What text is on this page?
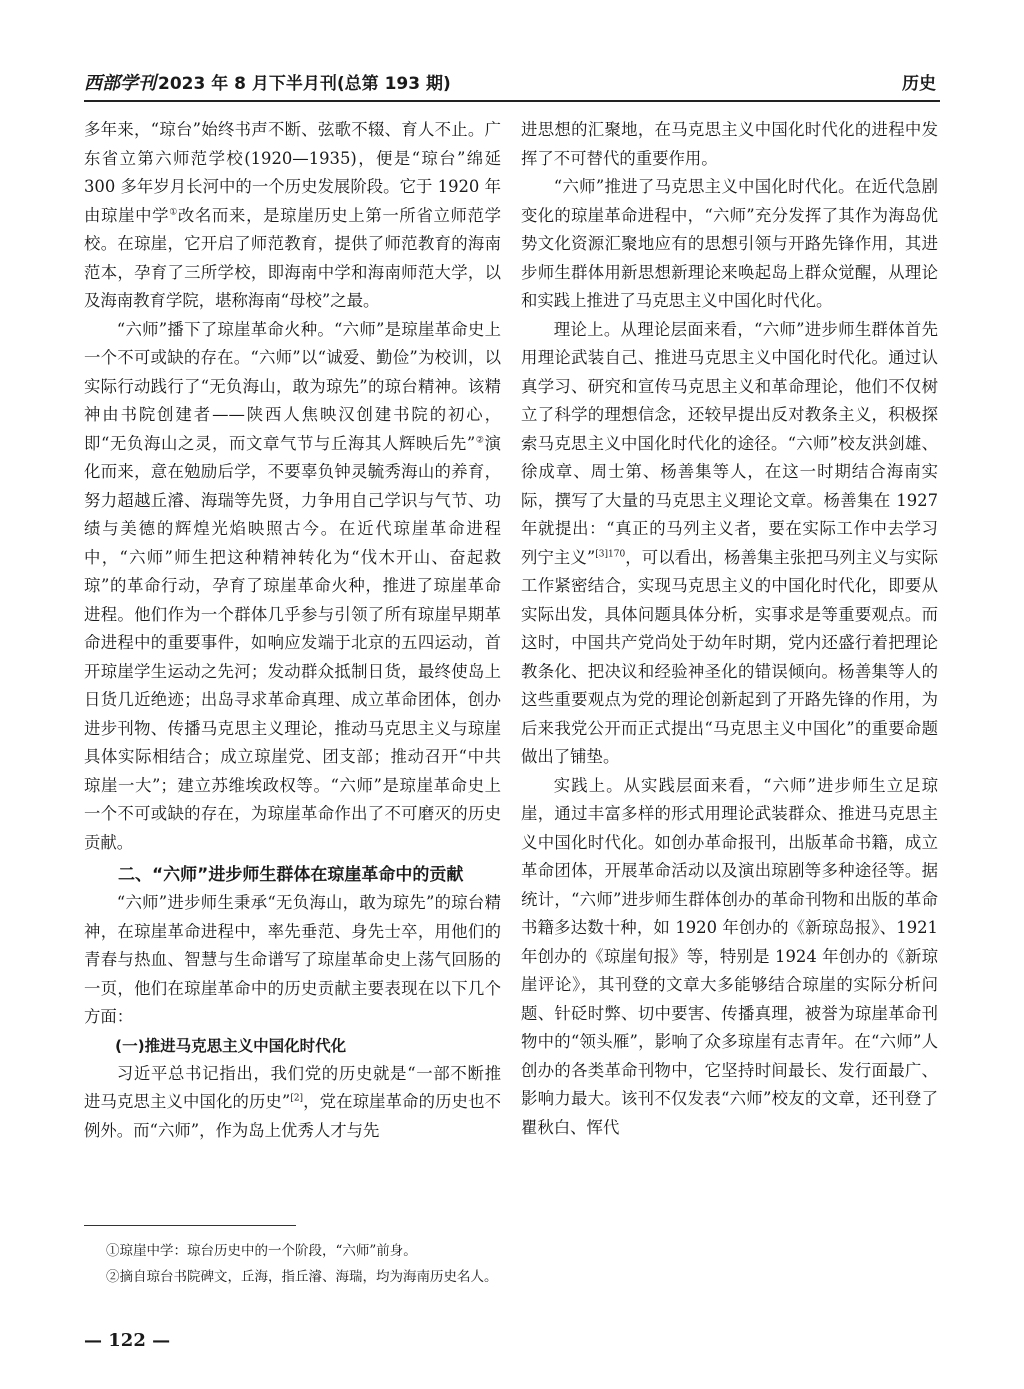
西部学刊 2023 年 8 月下半月刊(总第 193 期)	历史

多年来，“琼台”始终书声不断、弦歌不辍、育人不止。广东省立第六师范学校(1920—1935)，便是“琼台”绵延 300 多年岁月长河中的一个历史发展阶段。它于 1920 年由琼崖中学①改名而来，是琼崖历史上第一所省立师范学校。在琼崖，它开启了师范教育，提供了师范教育的海南范本，孕育了三所学校，即海南中学和海南师范大学，以及海南教育学院，堪称海南“母校”之最。

“六师”播下了琼崖革命火种。“六师”是琼崖革命史上一个不可或缺的存在。“六师”以“诚爱、勤俭”为校训，以实际行动践行了“无负海山，敢为琼先”的琼台精神。该精神由书院创建者——陕西人焦映汉创建书院的初心，即“无负海山之灵，而文章气节与丘海其人辉映后先”②演化而来，意在勉励后学，不要辜负钟灵毓秀海山的养育，努力超越丘濬、海瑞等先贤，力争用自己学识与气节、功绩与美德的辉煌光焰映照古今。在近代琼崖革命进程中，“六师”师生把这种精神转化为“伐木开山、奋起救琼”的革命行动，孕育了琼崖革命火种，推进了琼崖革命进程。他们作为一个群体几乎参与引领了所有琼崖早期革命进程中的重要事件，如响应发端于北京的五四运动，首开琼崖学生运动之先河；发动群众抵制日货，最终使岛上日货几近绝迹；出岛寻求革命真理、成立革命团体，创办进步刊物、传播马克思主义理论，推动马克思主义与琼崖具体实际相结合；成立琼崖党、团支部；推动召开“中共琼崖一大”；建立苏维埃政权等。“六师”是琼崖革命史上一个不可或缺的存在，为琼崖革命作出了不可磨灭的历史贡献。

二、“六师”进步师生群体在琼崖革命中的贡献

“六师”进步师生秉承“无负海山，敢为琼先”的琼台精神，在琼崖革命进程中，率先垂范、身先士卒，用他们的青春与热血、智慧与生命谱写了琼崖革命史上荡气回肠的一页，他们在琼崖革命中的历史贡献主要表现在以下几个方面：

(一)推进马克思主义中国化时代化

习近平总书记指出，我们党的历史就是“一部不断推进马克思主义中国化的历史”[2]，党在琼崖革命的历史也不例外。而“六师”，作为岛上优秀人才与先

进思想的汇聚地，在马克思主义中国化时代化的进程中发挥了不可替代的重要作用。

“六师”推进了马克思主义中国化时代化。在近代急剧变化的琼崖革命进程中，“六师”充分发挥了其作为海岛优势文化资源汇聚地应有的思想引领与开路先锋作用，其进步师生群体用新思想新理论来唤起岛上群众觉醒，从理论和实践上推进了马克思主义中国化时代化。

理论上。从理论层面来看，“六师”进步师生群体首先用理论武装自己、推进马克思主义中国化时代化。通过认真学习、研究和宣传马克思主义和革命理论，他们不仅树立了科学的理想信念，还较早提出反对教条主义，积极探索马克思主义中国化时代化的途径。“六师”校友洪剑雄、徐成章、周士第、杨善集等人，在这一时期结合海南实际，撰写了大量的马克思主义理论文章。杨善集在 1927 年就提出：“真正的马列主义者，要在实际工作中去学习列宁主义”$^{[3]170}$，可以看出，杨善集主张把马列主义与实际工作紧密结合，实现马克思主义的中国化时代化，即要从实际出发，具体问题具体分析，实事求是等重要观点。而这时，中国共产党尚处于幼年时期，党内还盛行着把理论教条化、把决议和经验神圣化的错误倾向。杨善集等人的这些重要观点为党的理论创新起到了开路先锋的作用，为后来我党公开而正式提出“马克思主义中国化”的重要命题做出了铺垫。

实践上。从实践层面来看，“六师”进步师生立足琼崖，通过丰富多样的形式用理论武装群众、推进马克思主义中国化时代化。如创办革命报刊，出版革命书籍，成立革命团体，开展革命活动以及演出琼剧等多种途径等。据统计，“六师”进步师生群体创办的革命刊物和出版的革命书籍多达数十种，如 1920 年创办的《新琼岛报》、1921 年创办的《琼崖旬报》等，特别是 1924 年创办的《新琼崖评论》，其刊登的文章大多能够结合琼崖的实际分析问题、针砭时弊、切中要害、传播真理，被誉为琼崖革命刊物中的“领头雁”，影响了众多琼崖有志青年。在“六师”人创办的各类革命刊物中，它坚持时间最长、发行面最广、影响力最大。该刊不仅发表“六师”校友的文章，还刊登了瞿秋白、恽代

①琼崖中学：琼台历史中的一个阶段，“六师”前身。
②摘自琼台书院碑文，丘海，指丘濬、海瑞，均为海南历史名人。
— 122 —
